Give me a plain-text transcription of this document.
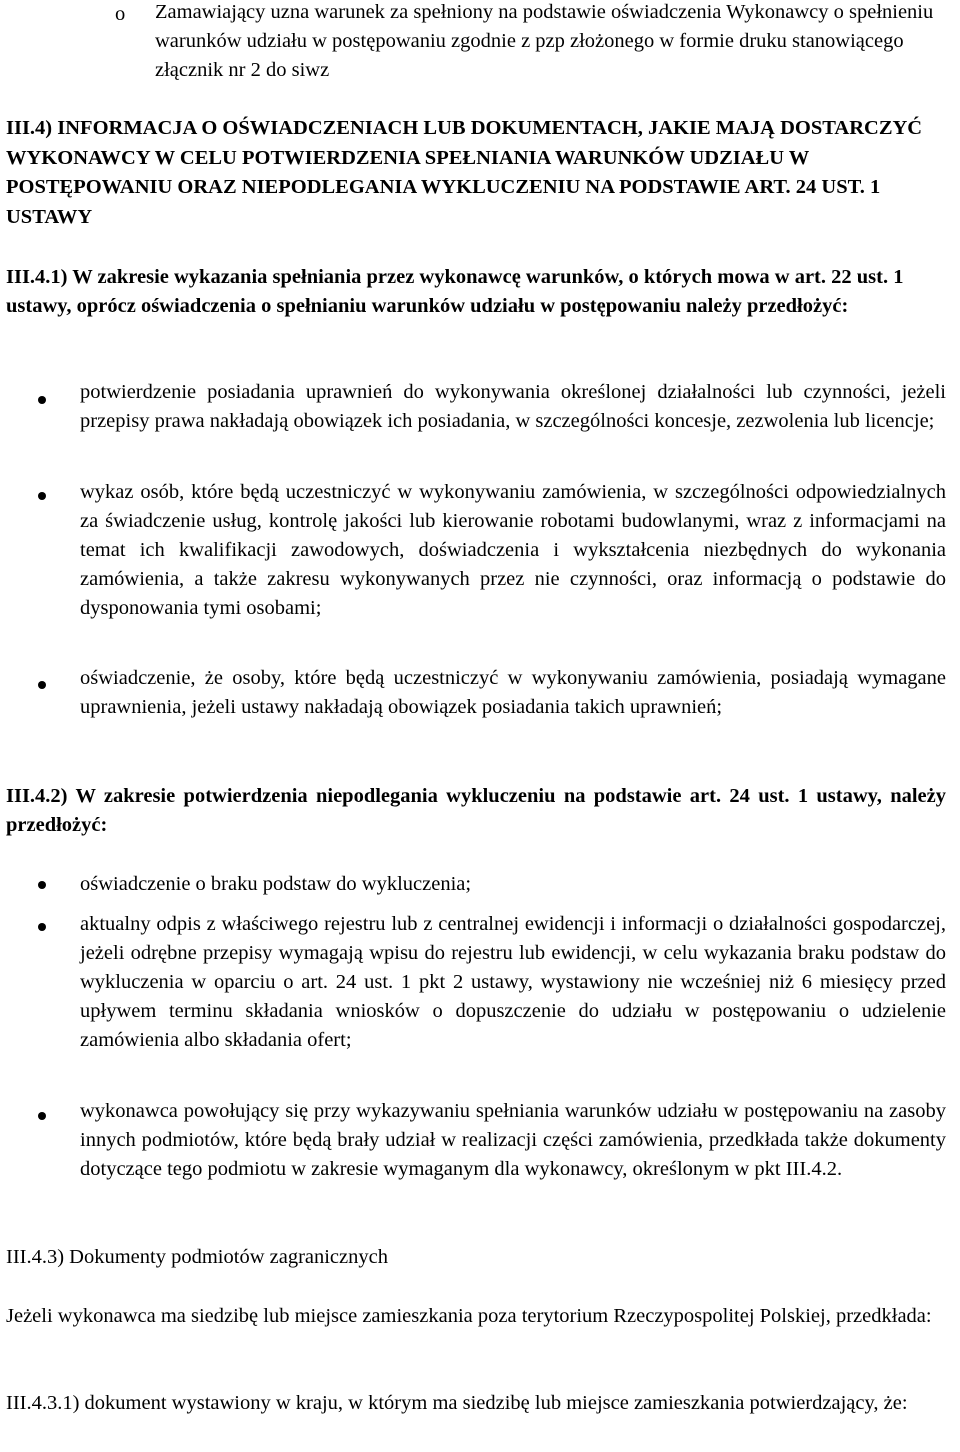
o Zamawiający uzna warunek za spełniony na podstawie oświadczenia Wykonawcy o spełnieniu warunków udziału w postępowaniu zgodnie z pzp złożonego w formie druku stanowiącego złącznik nr 2 do siwz

III.4) INFORMACJA O OŚWIADCZENIACH LUB DOKUMENTACH, JAKIE MAJĄ DOSTARCZYĆ WYKONAWCY W CELU POTWIERDZENIA SPEŁNIANIA WARUNKÓW UDZIAŁU W POSTĘPOWANIU ORAZ NIEPODLEGANIA WYKLUCZENIU NA PODSTAWIE ART. 24 UST. 1 USTAWY

III.4.1) W zakresie wykazania spełniania przez wykonawcę warunków, o których mowa w art. 22 ust. 1 ustawy, oprócz oświadczenia o spełnianiu warunków udziału w postępowaniu należy przedłożyć:

potwierdzenie posiadania uprawnień do wykonywania określonej działalności lub czynności, jeżeli przepisy prawa nakładają obowiązek ich posiadania, w szczególności koncesje, zezwolenia lub licencje;

wykaz osób, które będą uczestniczyć w wykonywaniu zamówienia, w szczególności odpowiedzialnych za świadczenie usług, kontrolę jakości lub kierowanie robotami budowlanymi, wraz z informacjami na temat ich kwalifikacji zawodowych, doświadczenia i wykształcenia niezbędnych do wykonania zamówienia, a także zakresu wykonywanych przez nie czynności, oraz informacją o podstawie do dysponowania tymi osobami;

oświadczenie, że osoby, które będą uczestniczyć w wykonywaniu zamówienia, posiadają wymagane uprawnienia, jeżeli ustawy nakładają obowiązek posiadania takich uprawnień;

III.4.2) W zakresie potwierdzenia niepodlegania wykluczeniu na podstawie art. 24 ust. 1 ustawy, należy przedłożyć:

oświadczenie o braku podstaw do wykluczenia;

aktualny odpis z właściwego rejestru lub z centralnej ewidencji i informacji o działalności gospodarczej, jeżeli odrębne przepisy wymagają wpisu do rejestru lub ewidencji, w celu wykazania braku podstaw do wykluczenia w oparciu o art. 24 ust. 1 pkt 2 ustawy, wystawiony nie wcześniej niż 6 miesięcy przed upływem terminu składania wniosków o dopuszczenie do udziału w postępowaniu o udzielenie zamówienia albo składania ofert;

wykonawca powołujący się przy wykazywaniu spełniania warunków udziału w postępowaniu na zasoby innych podmiotów, które będą brały udział w realizacji części zamówienia, przedkłada także dokumenty dotyczące tego podmiotu w zakresie wymaganym dla wykonawcy, określonym w pkt III.4.2.

III.4.3) Dokumenty podmiotów zagranicznych

Jeżeli wykonawca ma siedzibę lub miejsce zamieszkania poza terytorium Rzeczypospolitej Polskiej, przedkłada:

III.4.3.1) dokument wystawiony w kraju, w którym ma siedzibę lub miejsce zamieszkania potwierdzający, że:
